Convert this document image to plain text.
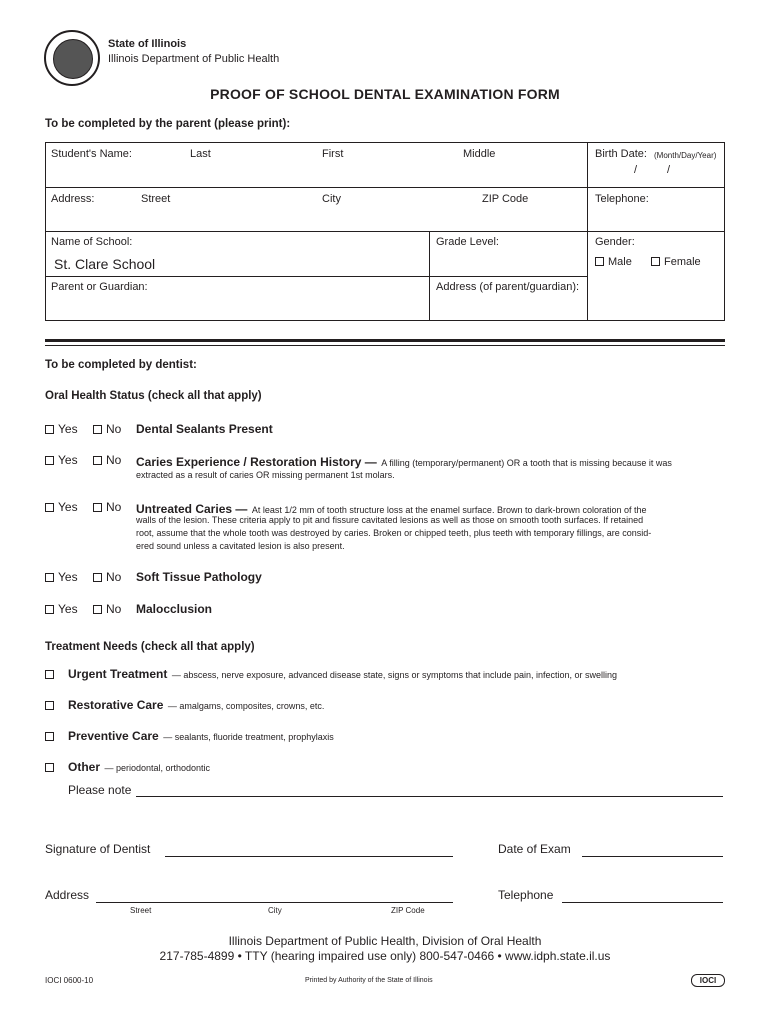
State of Illinois
Illinois Department of Public Health
PROOF OF SCHOOL DENTAL EXAMINATION FORM
To be completed by the parent (please print):
Student's Name:	Last	First	Middle	Birth Date: (Month/Day/Year)
/	/
Address:	Street	City	ZIP Code	Telephone:
Name of School:
St. Clare School
Grade Level:	Gender:
Male	Female
Parent or Guardian:	Address (of parent/guardian):
To be completed by dentist:
Oral Health Status (check all that apply)
Yes	No Dental Sealants Present
Yes	No Caries Experience / Restoration History — A filling (temporary/permanent) OR a tooth that is missing because it was
extracted as a result of caries OR missing permanent 1st molars.
Yes	No Untreated Caries — At least 1/2 mm of tooth structure loss at the enamel surface. Brown to dark-brown coloration of the
walls of the lesion. These criteria apply to pit and fissure cavitated lesions as well as those on smooth tooth surfaces. If retained
root, assume that the whole tooth was destroyed by caries. Broken or chipped teeth, plus teeth with temporary fillings, are consid-
ered sound unless a cavitated lesion is also present.
Yes	No Soft Tissue Pathology
Yes	No Malocclusion
Treatment Needs (check all that apply)
Urgent Treatment — abscess, nerve exposure, advanced disease state, signs or symptoms that include pain, infection, or swelling
Restorative Care — amalgams, composites, crowns, etc.
Preventive Care — sealants, fluoride treatment, prophylaxis
Other — periodontal, orthodontic
Please note
Signature of Dentist	Date of Exam
Address	Telephone
Street	City	ZIP Code
Illinois Department of Public Health, Division of Oral Health
217-785-4899 • TTY (hearing impaired use only) 800-547-0466 • www.idph.state.il.us
IOCI 0600-10	Printed by Authority of the State of Illinois	IOCI
